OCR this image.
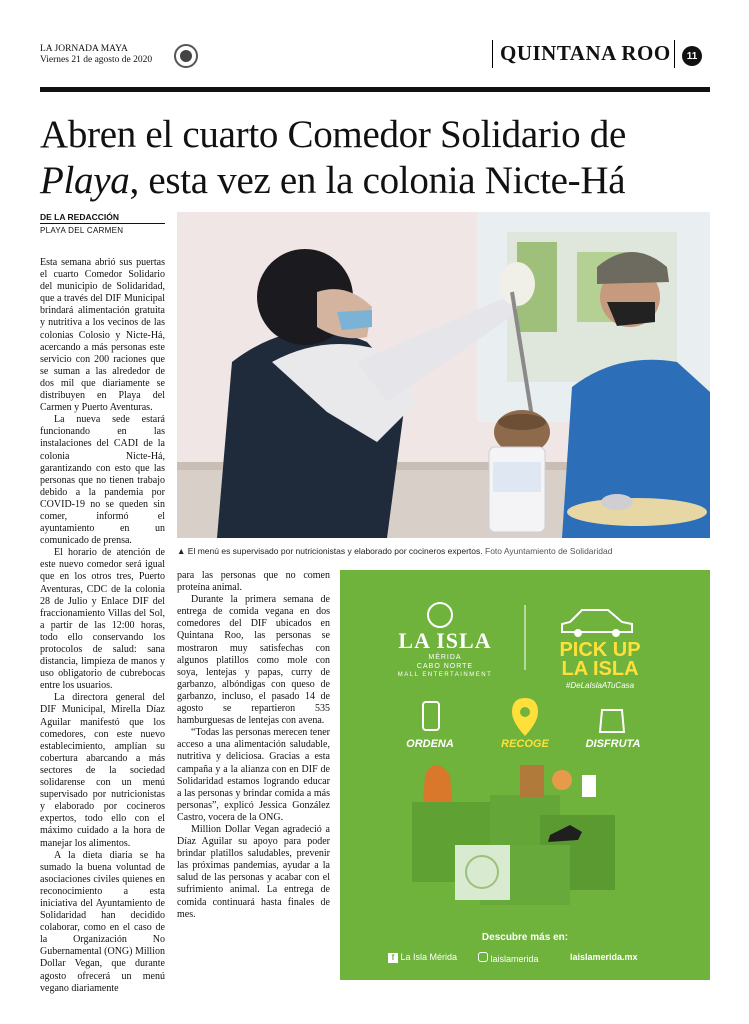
LA JORNADA MAYA
Viernes 21 de agosto de 2020	QUINTANA ROO	11
Abren el cuarto Comedor Solidario de
Playa, esta vez en la colonia Nicte-Há
DE LA REDACCIÓN
PLAYA DEL CARMEN
▲ El menú es supervisado por nutricionistas y elaborado por cocineros expertos. Foto Ayuntamiento de Solidaridad

Esta semana abrió sus puertas el cuarto Comedor Solidario del municipio de Solidaridad, que a través del DIF Municipal brindará alimentación gratuita y nutritiva a los vecinos de las colonias Colosio y Nicte-Há, acercando a más personas este servicio con 200 raciones que se suman a las alrededor de dos mil que diariamente se distribuyen en Playa del Carmen y Puerto Aventuras.

La nueva sede estará funcionando en las instalaciones del CADI de la colonia Nicte-Há, garantizando con esto que las personas que no tienen trabajo debido a la pandemia por COVID-19 no se queden sin comer, informó el ayuntamiento en un comunicado de prensa.

El horario de atención de este nuevo comedor será igual que en los otros tres, Puerto Aventuras, CDC de la colonia 28 de Julio y Enlace DIF del fraccionamiento Villas del Sol, a partir de las 12:00 horas, todo ello conservando los protocolos de salud: sana distancia, limpieza de manos y uso obligatorio de cubrebocas entre los usuarios.

La directora general del DIF Municipal, Mirella Díaz Aguilar manifestó que los comedores, con este nuevo establecimiento, amplían su cobertura abarcando a más sectores de la sociedad solidarense con un menú supervisado por nutricionistas y elaborado por cocineros expertos, todo ello con el máximo cuidado a la hora de manejar los alimentos.

A la dieta diaria se ha sumado la buena voluntad de asociaciones civiles quienes en reconocimiento a esta iniciativa del Ayuntamiento de Solidaridad han decidido colaborar, como en el caso de la Organización No Gubernamental (ONG) Million Dollar Vegan, que durante agosto ofrecerá un menú vegano diariamente

para las personas que no comen proteína animal.

Durante la primera semana de entrega de comida vegana en dos comedores del DIF ubicados en Quintana Roo, las personas se mostraron muy satisfechas con algunos platillos como mole con soya, lentejas y papas, curry de garbanzo, albóndigas con queso de garbanzo, incluso, el pasado 14 de agosto se repartieron 535 hamburguesas de lentejas con avena.

“Todas las personas merecen tener acceso a una alimentación saludable, nutritiva y deliciosa. Gracias a esta campaña y a la alianza con en DIF de Solidaridad estamos logrando educar a las personas y brindar comida a más personas”, explicó Jessica González Castro, vocera de la ONG.

Million Dollar Vegan agradeció a Díaz Aguilar su apoyo para poder brindar platillos saludables, prevenir las próximas pandemias, ayudar a la salud de las personas y acabar con el sufrimiento animal. La entrega de comida continuará hasta finales de mes.

LA ISLA
MÉRIDA
CABO NORTE
MALL ENTERTAINMENT
PICK UP
LA ISLA
#DeLaIslaATuCasa
ORDENA	RECOGE	DISFRUTA
Descubre más en:
f La Isla Mérida	laislamerida	laislamerida.mx
